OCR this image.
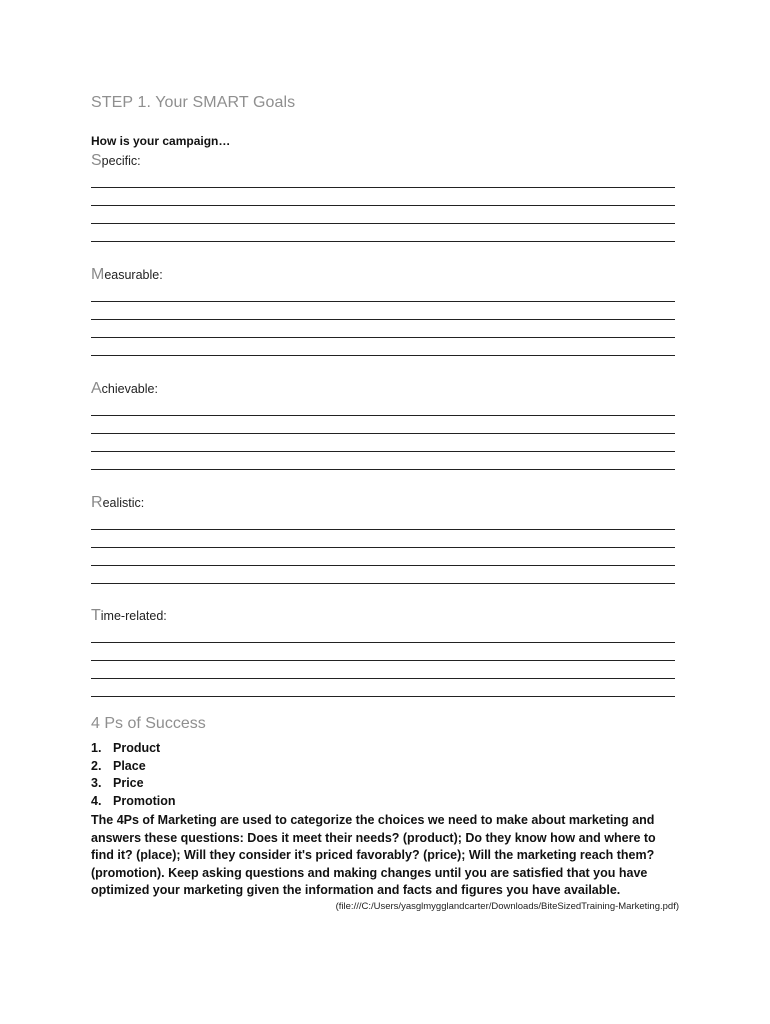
STEP 1. Your SMART Goals
How is your campaign…
Specific:
Measurable:
Achievable:
Realistic:
Time-related:
4 Ps of Success
1. Product
2. Place
3. Price
4. Promotion
The 4Ps of Marketing are used to categorize the choices we need to make about marketing and answers these questions: Does it meet their needs? (product); Do they know how and where to find it? (place); Will they consider it's priced favorably? (price); Will the marketing reach them? (promotion). Keep asking questions and making changes until you are satisfied that you have optimized your marketing given the information and facts and figures you have available.
(file:///C:/Users/yasglmygglandcarter/Downloads/BiteSizedTraining-Marketing.pdf)
